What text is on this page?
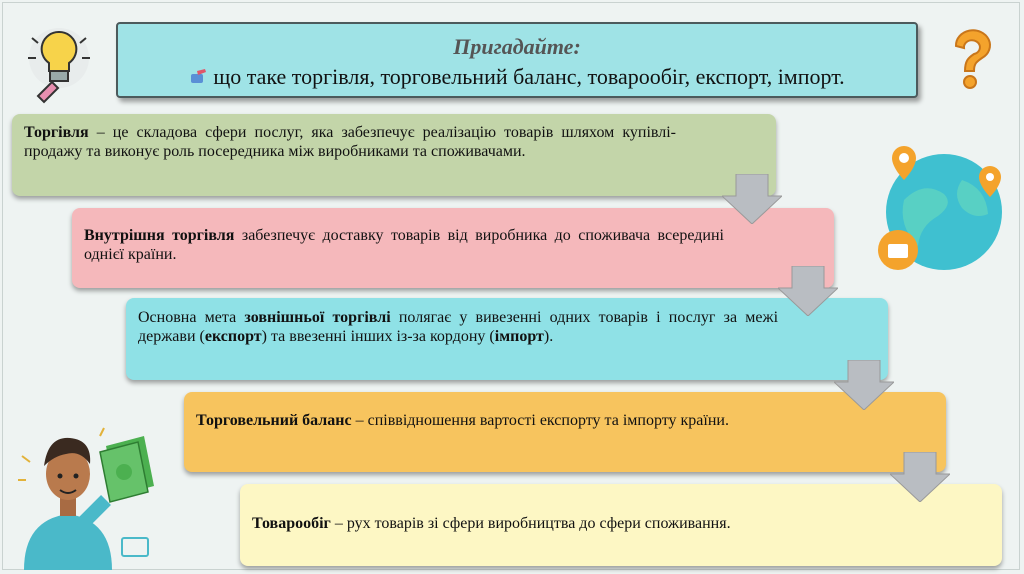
Пригадайте:
що таке торгівля, торговельний баланс, товарообіг, експорт, імпорт.
Торгівля – це складова сфери послуг, яка забезпечує реалізацію товарів шляхом купівлі-продажу та виконує роль посередника між виробниками та споживачами.
Внутрішня торгівля забезпечує доставку товарів від виробника до споживача всередині однієї країни.
Основна мета зовнішньої торгівлі полягає у вивезенні одних товарів і послуг за межі держави (експорт) та ввезенні інших із-за кордону (імпорт).
Торговельний баланс – співвідношення вартості експорту та імпорту країни.
Товарообіг – рух товарів зі сфери виробництва до сфери споживання.
